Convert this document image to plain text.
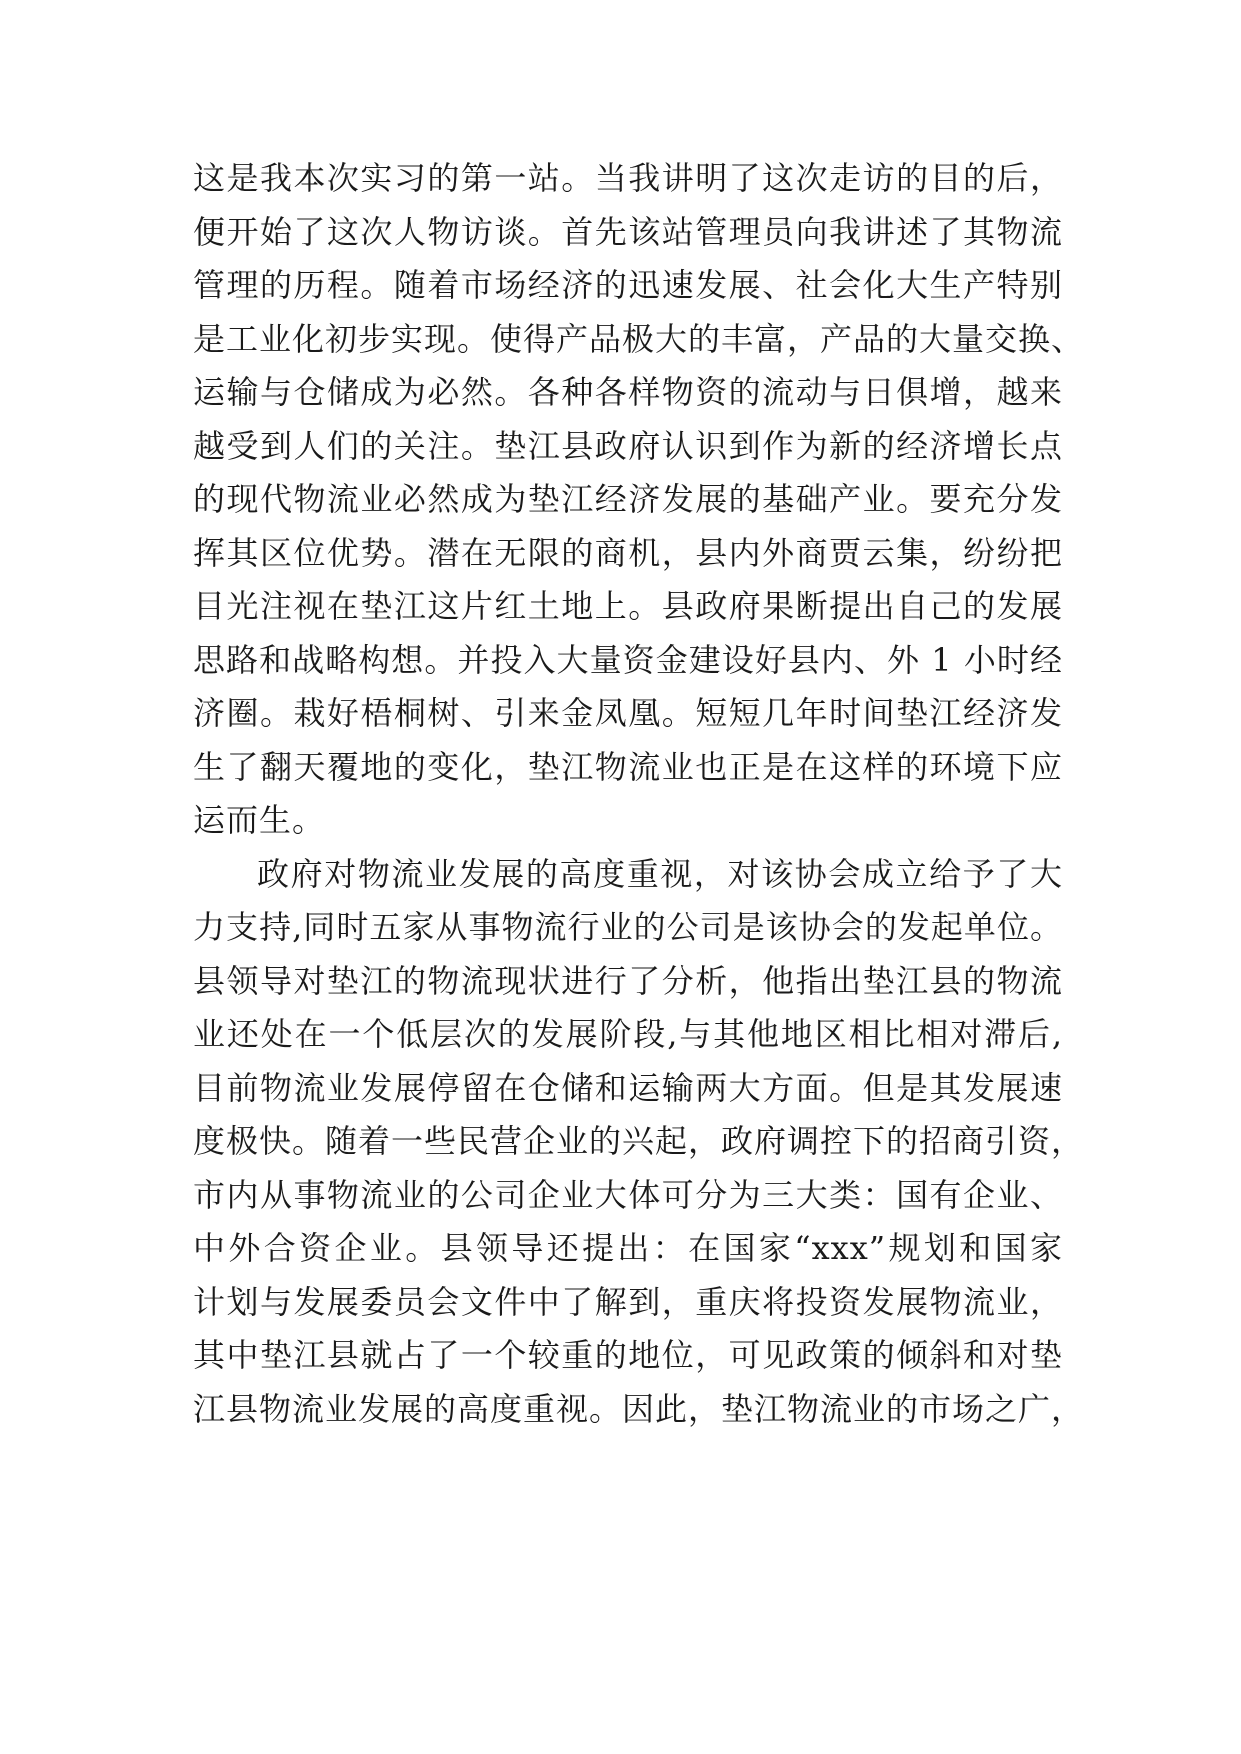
这是我本次实习的第一站。当我讲明了这次走访的目的后，
便开始了这次人物访谈。首先该站管理员向我讲述了其物流
管理的历程。随着市场经济的迅速发展、社会化大生产特别
是工业化初步实现。使得产品极大的丰富，产品的大量交换、
运输与仓储成为必然。各种各样物资的流动与日俱增，越来
越受到人们的关注。垫江县政府认识到作为新的经济增长点
的现代物流业必然成为垫江经济发展的基础产业。要充分发
挥其区位优势。潜在无限的商机，县内外商贾云集，纷纷把
目光注视在垫江这片红土地上。县政府果断提出自己的发展
思路和战略构想。并投入大量资金建设好县内、外 1 小时经
济圈。栽好梧桐树、引来金凤凰。短短几年时间垫江经济发
生了翻天覆地的变化，垫江物流业也正是在这样的环境下应
运而生。
政府对物流业发展的高度重视，对该协会成立给予了大
力支持,同时五家从事物流行业的公司是该协会的发起单位。
县领导对垫江的物流现状进行了分析，他指出垫江县的物流
业还处在一个低层次的发展阶段,与其他地区相比相对滞后,
目前物流业发展停留在仓储和运输两大方面。但是其发展速
度极快。随着一些民营企业的兴起，政府调控下的招商引资，
市内从事物流业的公司企业大体可分为三大类：国有企业、
中外合资企业。县领导还提出：在国家“xxx”规划和国家
计划与发展委员会文件中了解到，重庆将投资发展物流业，
其中垫江县就占了一个较重的地位，可见政策的倾斜和对垫
江县物流业发展的高度重视。因此，垫江物流业的市场之广，
